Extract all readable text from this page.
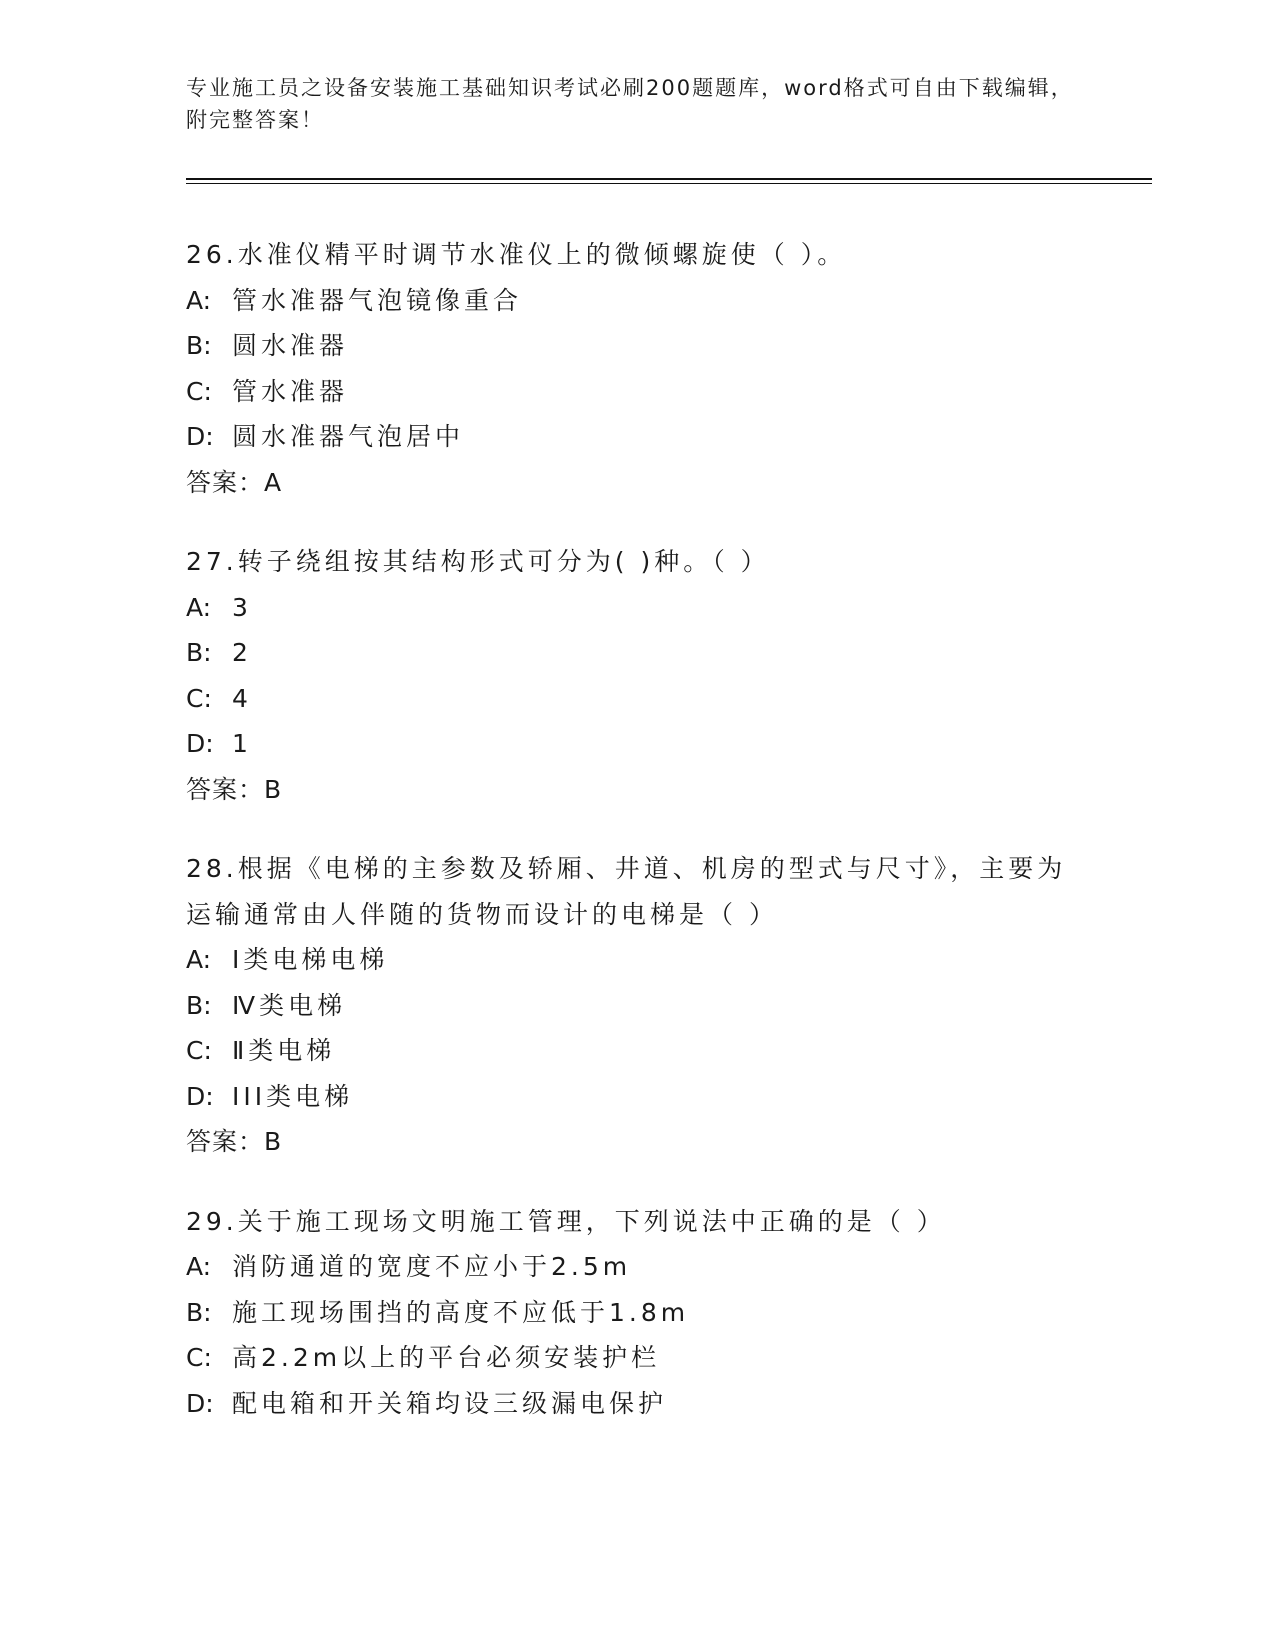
专业施工员之设备安装施工基础知识考试必刷200题题库，word格式可自由下载编辑，附完整答案！
26.水准仪精平时调节水准仪上的微倾螺旋使（ ）。
A: 管水准器气泡镜像重合
B: 圆水准器
C: 管水准器
D: 圆水准器气泡居中
答案：A
27.转子绕组按其结构形式可分为( )种。（ ）
A: 3
B: 2
C: 4
D: 1
答案：B
28.根据《电梯的主参数及轿厢、井道、机房的型式与尺寸》，主要为运输通常由人伴随的货物而设计的电梯是（ ）
A: Ⅰ类电梯电梯
B: Ⅳ类电梯
C: Ⅱ类电梯
D: III类电梯
答案：B
29.关于施工现场文明施工管理，下列说法中正确的是（ ）
A: 消防通道的宽度不应小于2.5m
B: 施工现场围挡的高度不应低于1.8m
C: 高2.2m以上的平台必须安装护栏
D: 配电箱和开关箱均设三级漏电保护
